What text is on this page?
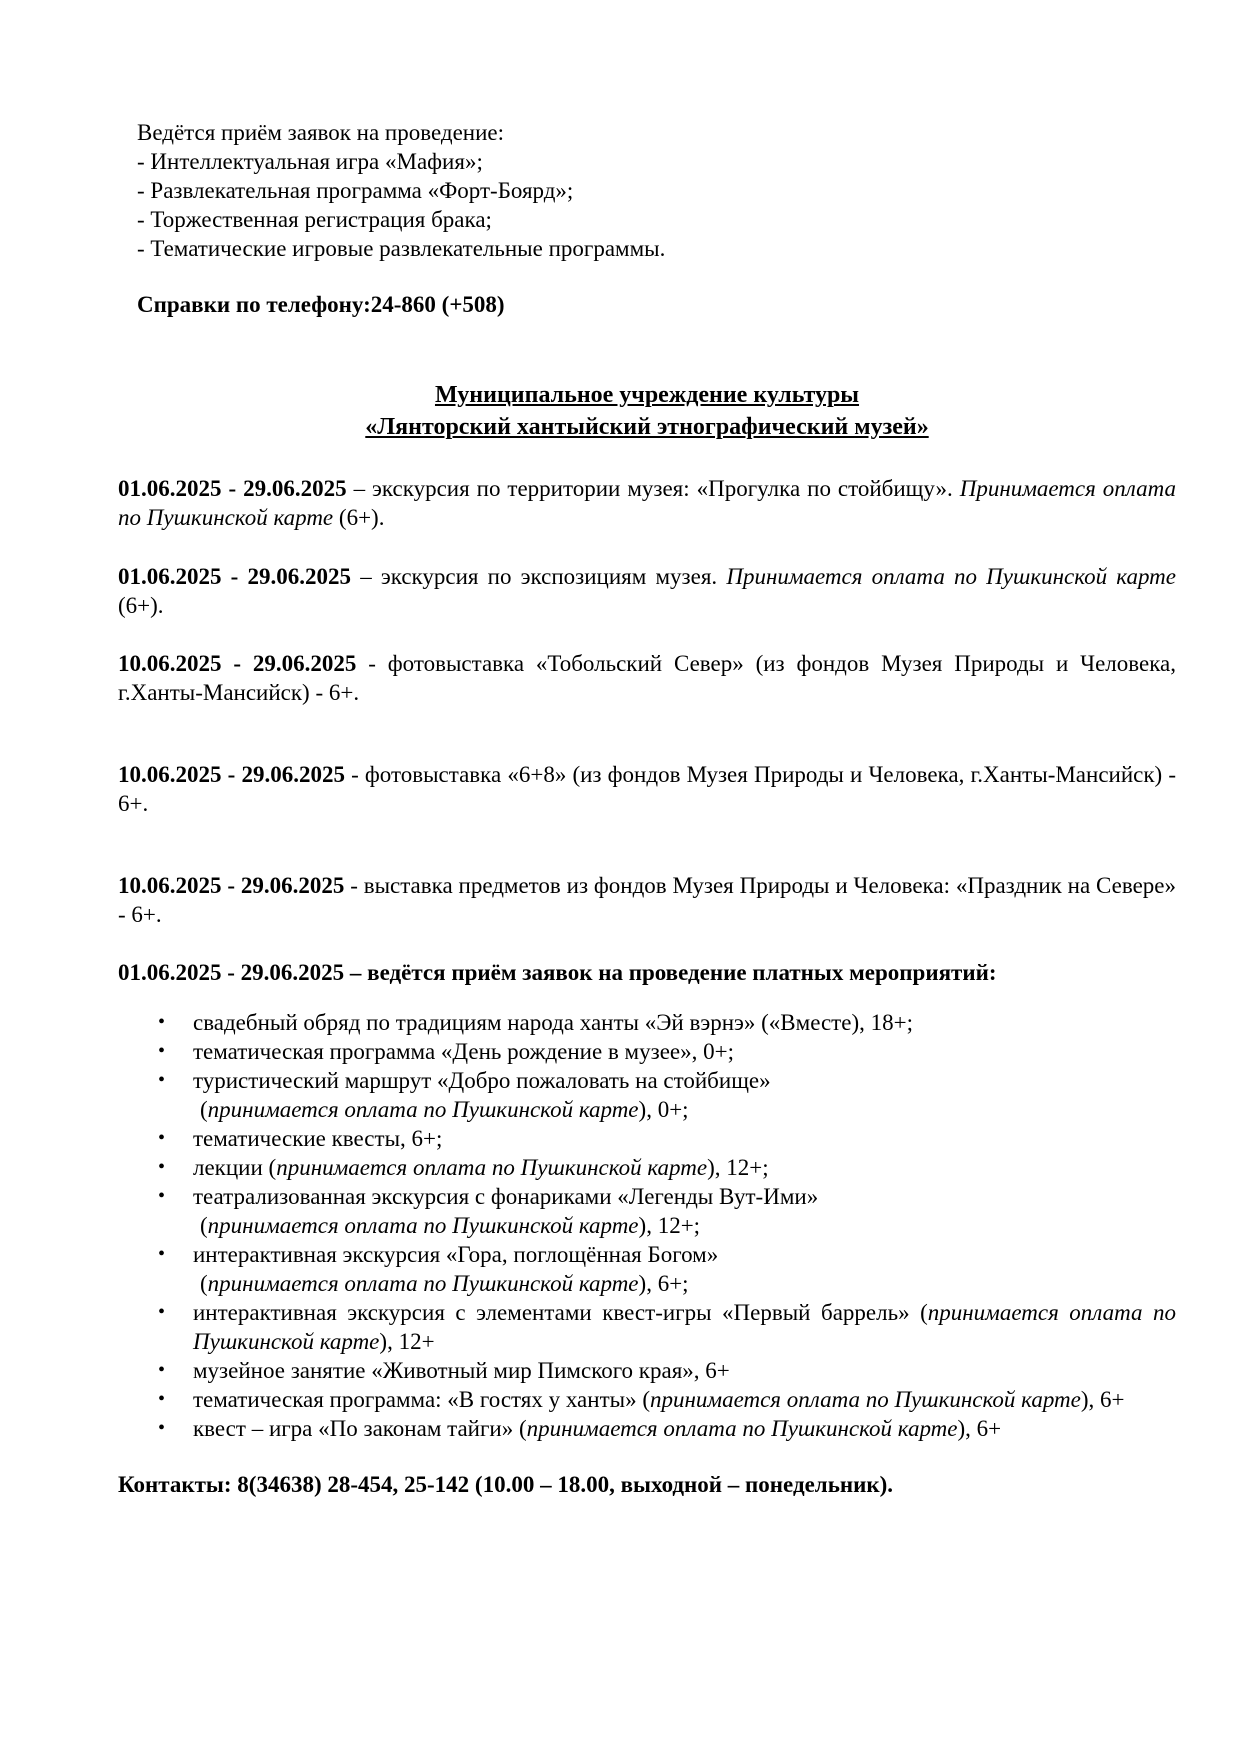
Ведётся приём заявок на проведение:
- Интеллектуальная игра «Мафия»;
- Развлекательная программа «Форт-Боярд»;
- Торжественная регистрация брака;
- Тематические игровые развлекательные программы.
Справки по телефону:24-860 (+508)
Муниципальное учреждение культуры
«Лянторский хантыйский этнографический музей»
01.06.2025 - 29.06.2025 – экскурсия по территории музея: «Прогулка по стойбищу». Принимается оплата по Пушкинской карте (6+).
01.06.2025 - 29.06.2025 – экскурсия по экспозициям музея. Принимается оплата по Пушкинской карте (6+).
10.06.2025 - 29.06.2025 - фотовыставка «Тобольский Север» (из фондов Музея Природы и Человека, г.Ханты-Мансийск) - 6+.
10.06.2025 - 29.06.2025 - фотовыставка «6+8» (из фондов Музея Природы и Человека, г.Ханты-Мансийск) - 6+.
10.06.2025 - 29.06.2025 - выставка предметов из фондов Музея Природы и Человека: «Праздник на Севере» - 6+.
01.06.2025 - 29.06.2025 – ведётся приём заявок на проведение платных мероприятий:
• свадебный обряд по традициям народа ханты «Эй вэрнэ» («Вместе), 18+;
• тематическая программа «День рождение в музее», 0+;
• туристический маршрут «Добро пожаловать на стойбище»
(принимается оплата по Пушкинской карте), 0+;
• тематические квесты, 6+;
• лекции (принимается оплата по Пушкинской карте), 12+;
• театрализованная экскурсия с фонариками «Легенды Вут-Ими»
(принимается оплата по Пушкинской карте), 12+;
• интерактивная экскурсия «Гора, поглощённая Богом»
(принимается оплата по Пушкинской карте), 6+;
• интерактивная экскурсия с элементами квест-игры «Первый баррель» (принимается оплата по Пушкинской карте), 12+
• музейное занятие «Животный мир Пимского края», 6+
• тематическая программа: «В гостях у ханты» (принимается оплата по Пушкинской карте), 6+
• квест – игра «По законам тайги» (принимается оплата по Пушкинской карте), 6+
Контакты: 8(34638) 28-454, 25-142 (10.00 – 18.00, выходной – понедельник).
